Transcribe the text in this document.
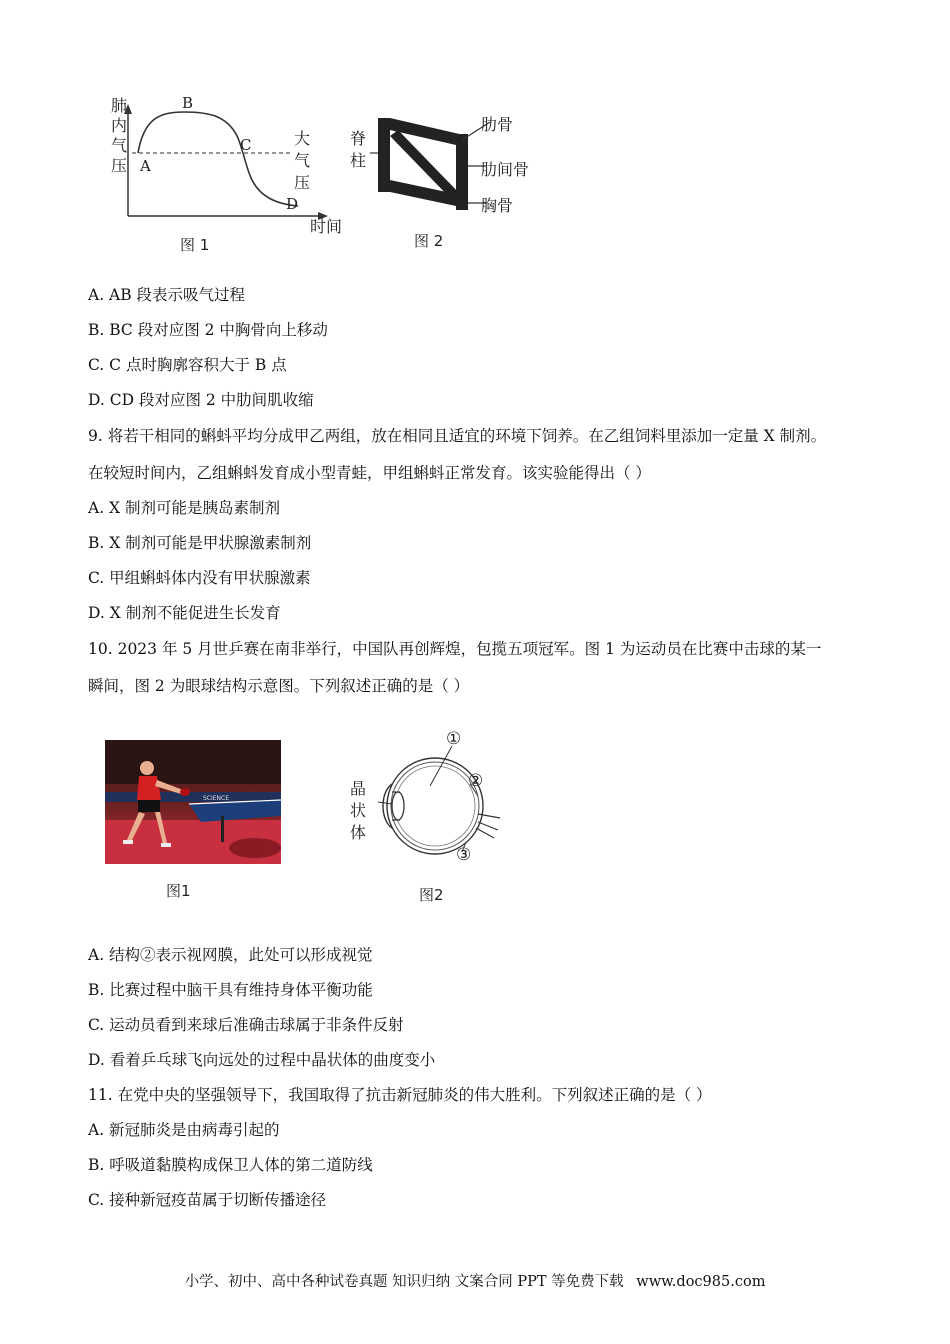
肺
内
气
压
大
气
压
A
B
C
D
时间
图 1
脊
柱
肋骨
肋间骨
胸骨
图 2
A. AB 段表示吸气过程
B. BC 段对应图 2 中胸骨向上移动
C. C 点时胸廓容积大于 B 点
D. CD 段对应图 2 中肋间肌收缩
9. 将若干相同的蝌蚪平均分成甲乙两组，放在相同且适宜的环境下饲养。在乙组饲料里添加一定量 X 制剂。
在较短时间内，乙组蝌蚪发育成小型青蛙，甲组蝌蚪正常发育。该实验能得出（ ）
A. X 制剂可能是胰岛素制剂
B. X 制剂可能是甲状腺激素制剂
C. 甲组蝌蚪体内没有甲状腺激素
D. X 制剂不能促进生长发育
10. 2023 年 5 月世乒赛在南非举行，中国队再创辉煌，包揽五项冠军。图 1 为运动员在比赛中击球的某一
瞬间，图 2 为眼球结构示意图。下列叙述正确的是（ ）
SCIENCE
图1
晶
状
体
①
②
③
图2
A. 结构②表示视网膜，此处可以形成视觉
B. 比赛过程中脑干具有维持身体平衡功能
C. 运动员看到来球后准确击球属于非条件反射
D. 看着乒乓球飞向远处的过程中晶状体的曲度变小
11. 在党中央的坚强领导下，我国取得了抗击新冠肺炎的伟大胜利。下列叙述正确的是（ ）
A. 新冠肺炎是由病毒引起的
B. 呼吸道黏膜构成保卫人体的第二道防线
C. 接种新冠疫苗属于切断传播途径
小学、初中、高中各种试卷真题 知识归纳 文案合同 PPT 等免费下载 www.doc985.com
